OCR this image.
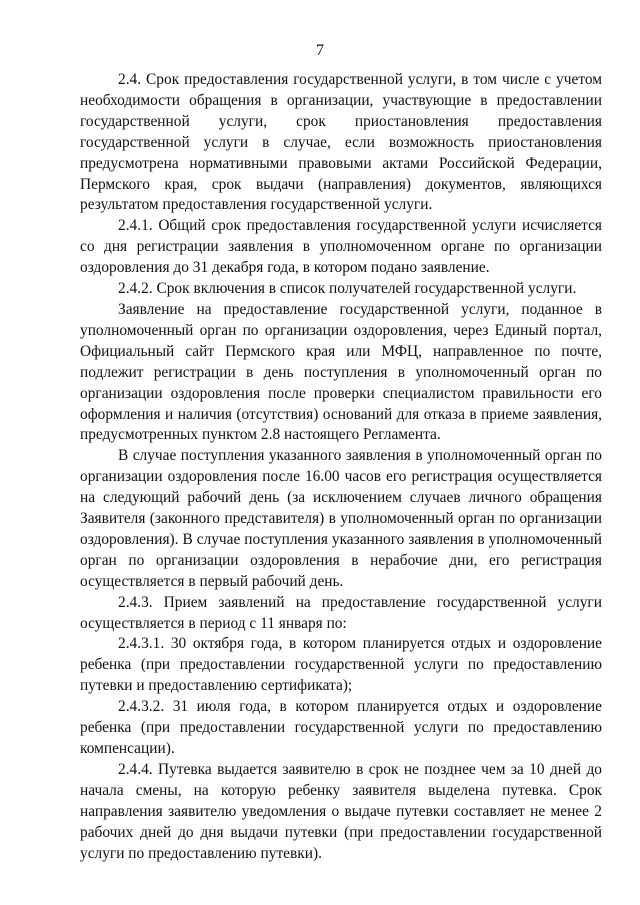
7

2.4. Срок предоставления государственной услуги, в том числе с учетом необходимости обращения в организации, участвующие в предоставлении государственной услуги, срок приостановления предоставления государственной услуги в случае, если возможность приостановления предусмотрена нормативными правовыми актами Российской Федерации, Пермского края, срок выдачи (направления) документов, являющихся результатом предоставления государственной услуги.

2.4.1. Общий срок предоставления государственной услуги исчисляется со дня регистрации заявления в уполномоченном органе по организации оздоровления до 31 декабря года, в котором подано заявление.

2.4.2. Срок включения в список получателей государственной услуги.

Заявление на предоставление государственной услуги, поданное в уполномоченный орган по организации оздоровления, через Единый портал, Официальный сайт Пермского края или МФЦ, направленное по почте, подлежит регистрации в день поступления в уполномоченный орган по организации оздоровления после проверки специалистом правильности его оформления и наличия (отсутствия) оснований для отказа в приеме заявления, предусмотренных пунктом 2.8 настоящего Регламента.

В случае поступления указанного заявления в уполномоченный орган по организации оздоровления после 16.00 часов его регистрация осуществляется на следующий рабочий день (за исключением случаев личного обращения Заявителя (законного представителя) в уполномоченный орган по организации оздоровления). В случае поступления указанного заявления в уполномоченный орган по организации оздоровления в нерабочие дни, его регистрация осуществляется в первый рабочий день.

2.4.3. Прием заявлений на предоставление государственной услуги осуществляется в период с 11 января по:

2.4.3.1. 30 октября года, в котором планируется отдых и оздоровление ребенка (при предоставлении государственной услуги по предоставлению путевки и предоставлению сертификата);

2.4.3.2. 31 июля года, в котором планируется отдых и оздоровление ребенка (при предоставлении государственной услуги по предоставлению компенсации).

2.4.4. Путевка выдается заявителю в срок не позднее чем за 10 дней до начала смены, на которую ребенку заявителя выделена путевка. Срок направления заявителю уведомления о выдаче путевки составляет не менее 2 рабочих дней до дня выдачи путевки (при предоставлении государственной услуги по предоставлению путевки).
